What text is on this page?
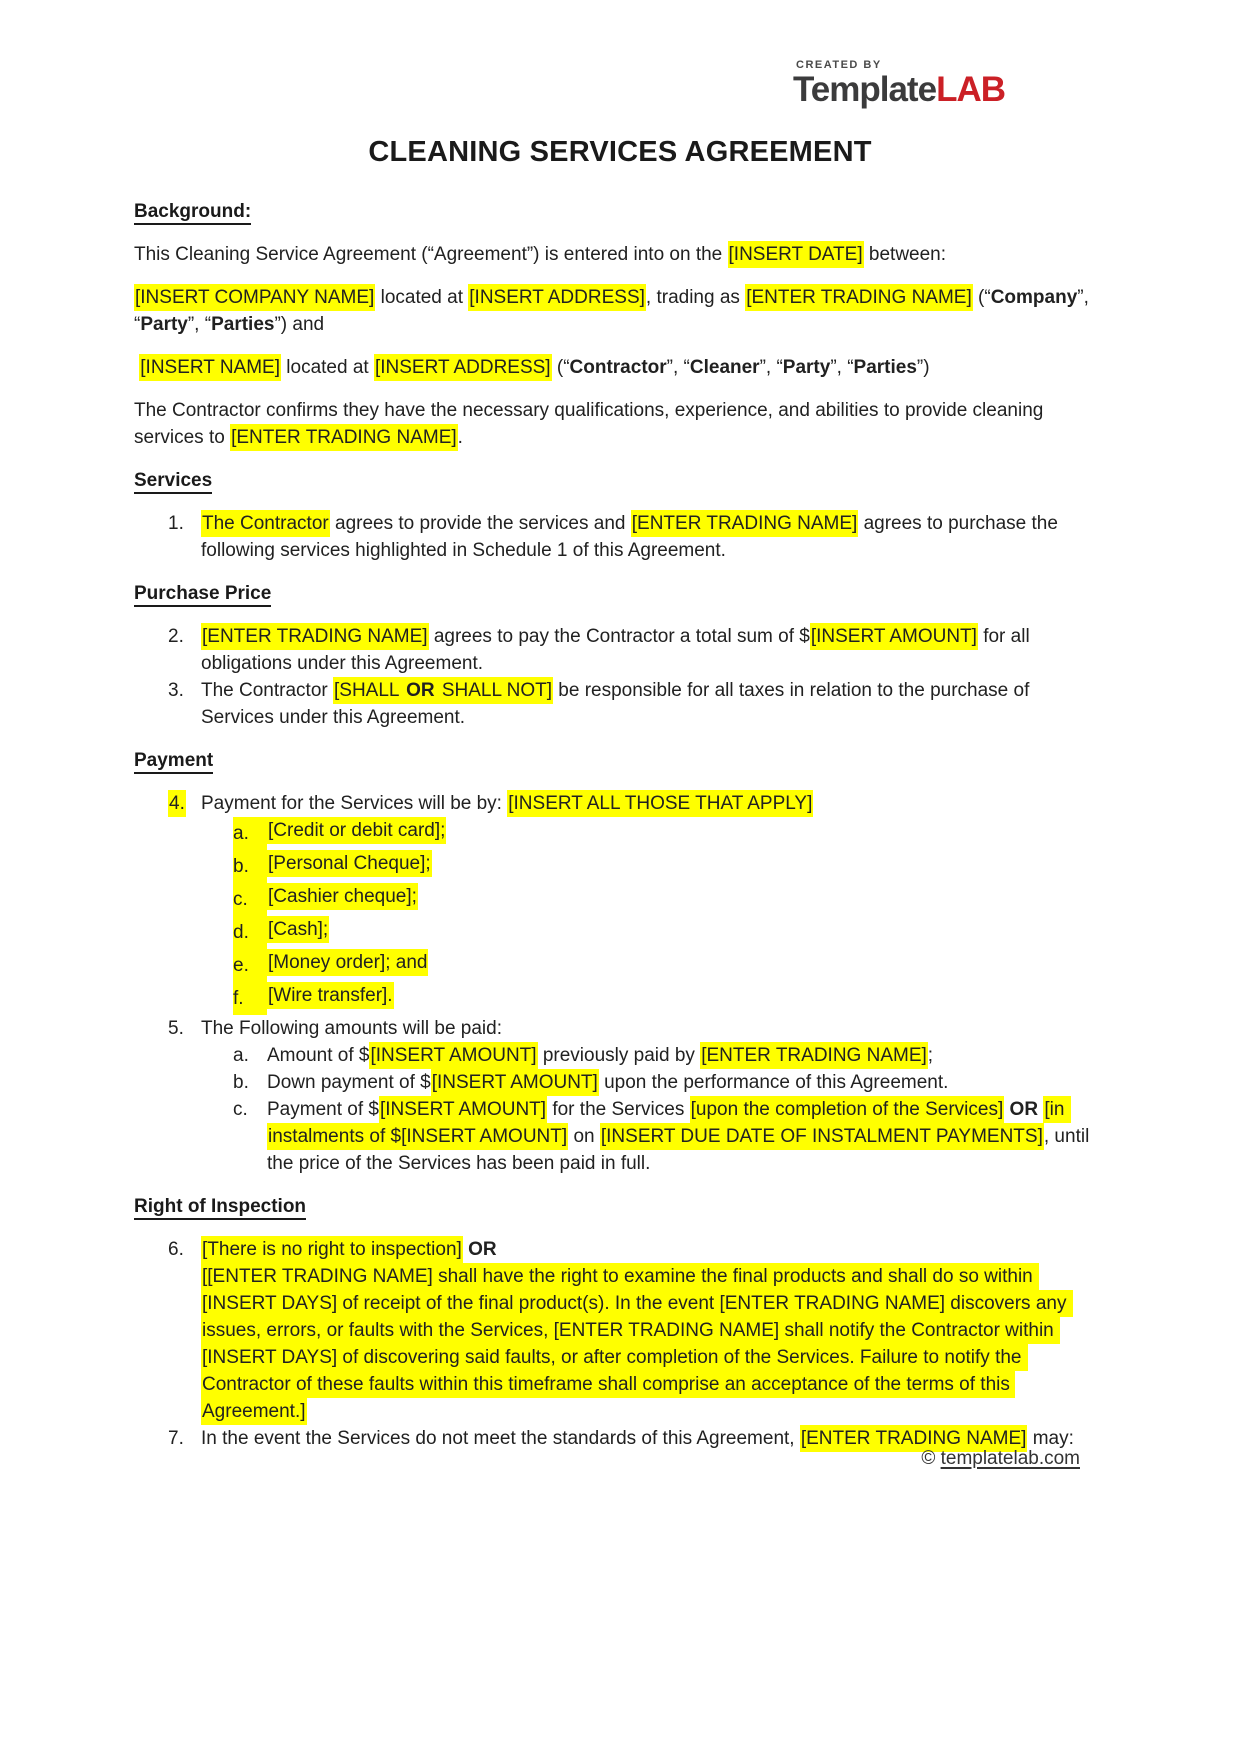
CREATED BY
TemplateLAB
CLEANING SERVICES AGREEMENT
Background:

This Cleaning Service Agreement (“Agreement”) is entered into on the [INSERT DATE] between:

[INSERT COMPANY NAME] located at [INSERT ADDRESS], trading as [ENTER TRADING NAME] (“Company”, “Party”, “Parties”) and

[INSERT NAME] located at [INSERT ADDRESS] (“Contractor”, “Cleaner”, “Party”, “Parties”)

The Contractor confirms they have the necessary qualifications, experience, and abilities to provide cleaning services to [ENTER TRADING NAME].

Services
1. The Contractor agrees to provide the services and [ENTER TRADING NAME] agrees to purchase the following services highlighted in Schedule 1 of this Agreement.
Purchase Price
2. [ENTER TRADING NAME] agrees to pay the Contractor a total sum of $[INSERT AMOUNT] for all obligations under this Agreement.
3. The Contractor [SHALL OR SHALL NOT] be responsible for all taxes in relation to the purchase of Services under this Agreement.
Payment
4. Payment for the Services will be by: [INSERT ALL THOSE THAT APPLY]
a.	[Credit or debit card];
b.	[Personal Cheque];
c.	[Cashier cheque];
d.	[Cash];
e.	[Money order]; and
f.	[Wire transfer].
5. The Following amounts will be paid:
a. Amount of $[INSERT AMOUNT] previously paid by [ENTER TRADING NAME];
b. Down payment of $[INSERT AMOUNT] upon the performance of this Agreement.
c.	Payment of $[INSERT AMOUNT] for the Services [upon the completion of the Services] OR [in instalments of $[INSERT AMOUNT] on [INSERT DUE DATE OF INSTALMENT PAYMENTS], until the price of the Services has been paid in full.
Right of Inspection
6. [There is no right to inspection] OR
[[ENTER TRADING NAME] shall have the right to examine the final products and shall do so within [INSERT DAYS] of receipt of the final product(s). In the event [ENTER TRADING NAME] discovers any issues, errors, or faults with the Services, [ENTER TRADING NAME] shall notify the Contractor within [INSERT DAYS] of discovering said faults, or after completion of the Services. Failure to notify the Contractor of these faults within this timeframe shall comprise an acceptance of the terms of this Agreement.]
7. In the event the Services do not meet the standards of this Agreement, [ENTER TRADING NAME] may:
© templatelab.com
